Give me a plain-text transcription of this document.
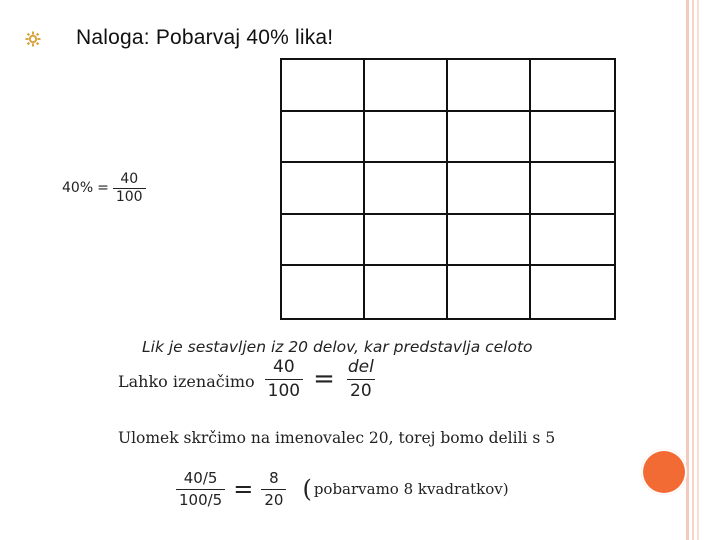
Naloga: Pobarvaj 40% lika!
$40\% = \frac{40}{100}$
Lik je sestavljen iz 20 delov, kar predstavlja celoto
Lahko izenačimo $\frac{40}{100} = \frac{\text{del}}{20}$
Ulomek skrčimo na imenovalec 20, torej bomo delili s 5
$\frac{40/5}{100/5} = \frac{8}{20}$ ( pobarvamo 8 kvadratkov)
